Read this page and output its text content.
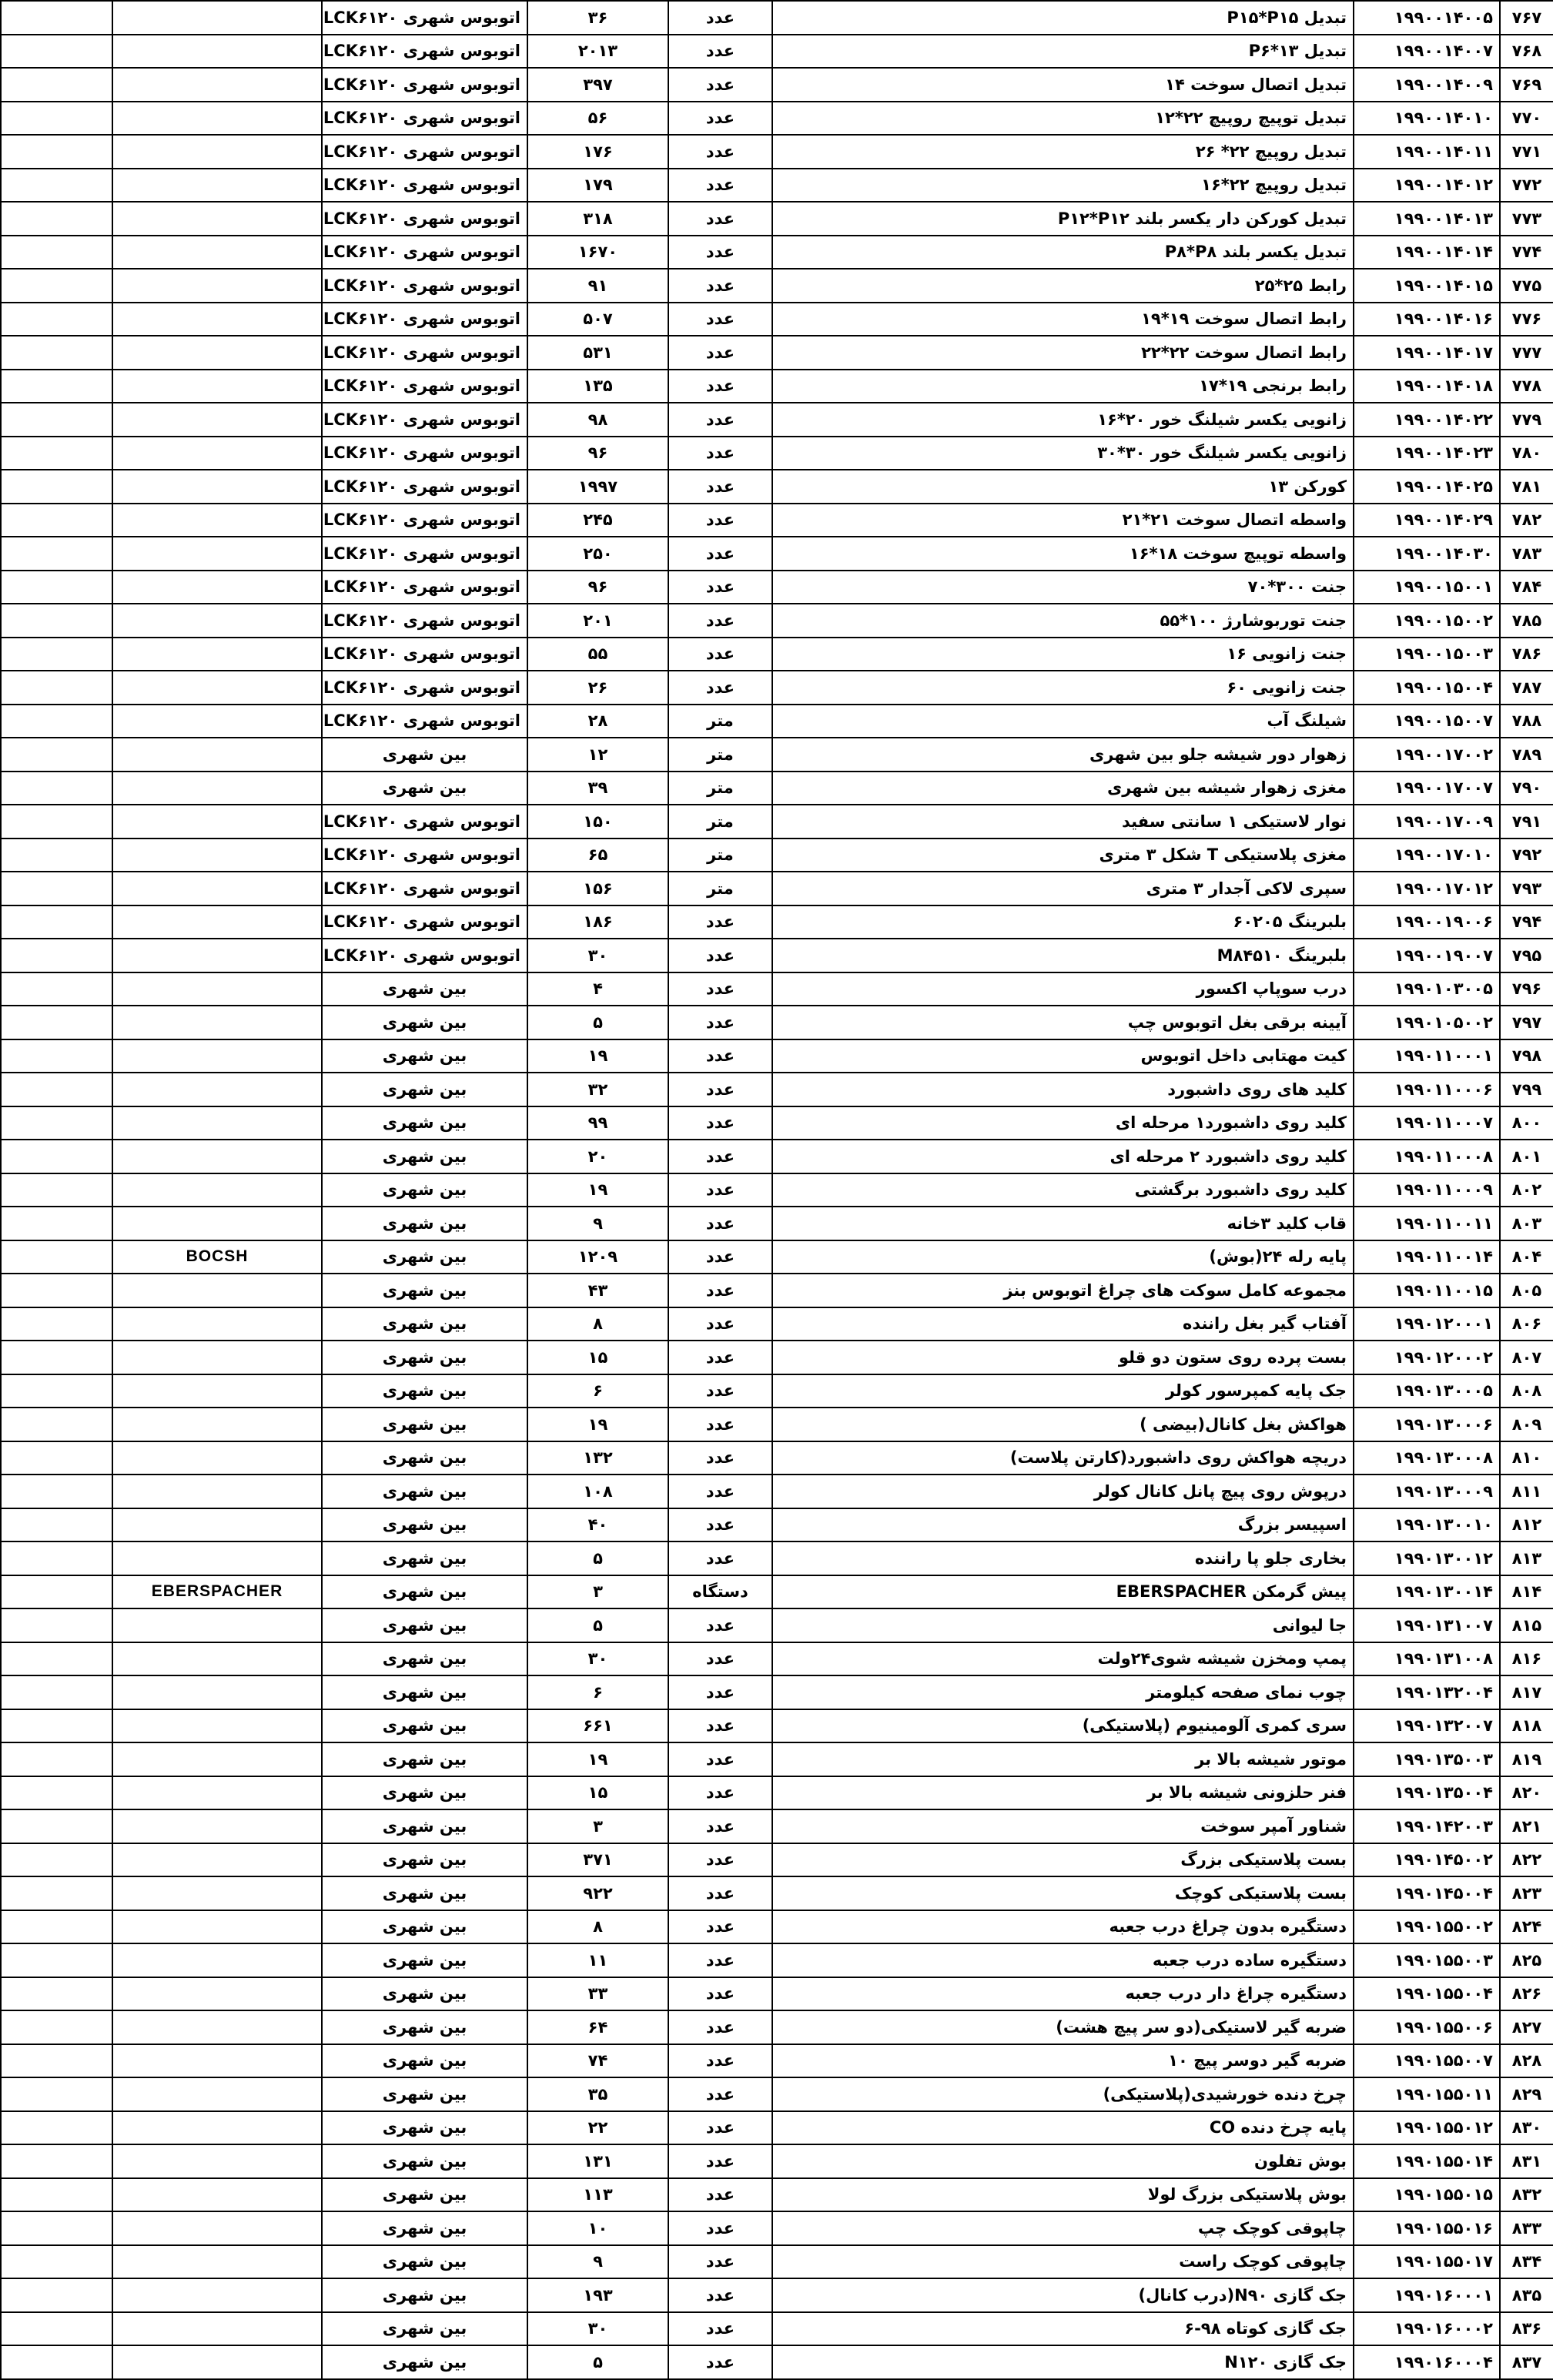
۷۶۷	۱۹۹۰۰۱۴۰۰۵	تبدیل P۱۵*P۱۵	عدد	۳۶	اتوبوس شهری LCK۶۱۲۰		
۷۶۸	۱۹۹۰۰۱۴۰۰۷	تبدیل ۱۳*P۶	عدد	۲۰۱۳	اتوبوس شهری LCK۶۱۲۰		
۷۶۹	۱۹۹۰۰۱۴۰۰۹	تبدیل اتصال سوخت ۱۴	عدد	۳۹۷	اتوبوس شهری LCK۶۱۲۰		
۷۷۰	۱۹۹۰۰۱۴۰۱۰	تبدیل توپیچ روپیچ ۲۲*۱۲	عدد	۵۶	اتوبوس شهری LCK۶۱۲۰		
۷۷۱	۱۹۹۰۰۱۴۰۱۱	تبدیل روپیچ ۲۲* ۲۶	عدد	۱۷۶	اتوبوس شهری LCK۶۱۲۰		
۷۷۲	۱۹۹۰۰۱۴۰۱۲	تبدیل روپیچ ۲۲*۱۶	عدد	۱۷۹	اتوبوس شهری LCK۶۱۲۰		
۷۷۳	۱۹۹۰۰۱۴۰۱۳	تبدیل کورکن دار یکسر بلند P۱۲*P۱۲	عدد	۳۱۸	اتوبوس شهری LCK۶۱۲۰		
۷۷۴	۱۹۹۰۰۱۴۰۱۴	تبدیل یکسر بلند P۸*P۸	عدد	۱۶۷۰	اتوبوس شهری LCK۶۱۲۰		
۷۷۵	۱۹۹۰۰۱۴۰۱۵	رابط ۲۵*۲۵	عدد	۹۱	اتوبوس شهری LCK۶۱۲۰		
۷۷۶	۱۹۹۰۰۱۴۰۱۶	رابط اتصال سوخت ۱۹*۱۹	عدد	۵۰۷	اتوبوس شهری LCK۶۱۲۰		
۷۷۷	۱۹۹۰۰۱۴۰۱۷	رابط اتصال سوخت ۲۲*۲۲	عدد	۵۳۱	اتوبوس شهری LCK۶۱۲۰		
۷۷۸	۱۹۹۰۰۱۴۰۱۸	رابط برنجی ۱۹*۱۷	عدد	۱۳۵	اتوبوس شهری LCK۶۱۲۰		
۷۷۹	۱۹۹۰۰۱۴۰۲۲	زانویی یکسر شیلنگ خور ۲۰*۱۶	عدد	۹۸	اتوبوس شهری LCK۶۱۲۰		
۷۸۰	۱۹۹۰۰۱۴۰۲۳	زانویی یکسر شیلنگ خور ۳۰*۳۰	عدد	۹۶	اتوبوس شهری LCK۶۱۲۰		
۷۸۱	۱۹۹۰۰۱۴۰۲۵	کورکن ۱۳	عدد	۱۹۹۷	اتوبوس شهری LCK۶۱۲۰		
۷۸۲	۱۹۹۰۰۱۴۰۲۹	واسطه اتصال سوخت ۲۱*۲۱	عدد	۲۴۵	اتوبوس شهری LCK۶۱۲۰		
۷۸۳	۱۹۹۰۰۱۴۰۳۰	واسطه توپیچ سوخت ۱۸*۱۶	عدد	۲۵۰	اتوبوس شهری LCK۶۱۲۰		
۷۸۴	۱۹۹۰۰۱۵۰۰۱	جنت ۳۰۰*۷۰	عدد	۹۶	اتوبوس شهری LCK۶۱۲۰		
۷۸۵	۱۹۹۰۰۱۵۰۰۲	جنت توربوشارژ ۱۰۰*۵۵	عدد	۲۰۱	اتوبوس شهری LCK۶۱۲۰		
۷۸۶	۱۹۹۰۰۱۵۰۰۳	جنت زانویی ۱۶	عدد	۵۵	اتوبوس شهری LCK۶۱۲۰		
۷۸۷	۱۹۹۰۰۱۵۰۰۴	جنت زانویی ۶۰	عدد	۲۶	اتوبوس شهری LCK۶۱۲۰		
۷۸۸	۱۹۹۰۰۱۵۰۰۷	شیلنگ آب	متر	۲۸	اتوبوس شهری LCK۶۱۲۰		
۷۸۹	۱۹۹۰۰۱۷۰۰۲	زهوار دور شیشه جلو بین شهری	متر	۱۲	بین شهری		
۷۹۰	۱۹۹۰۰۱۷۰۰۷	مغزی زهوار شیشه بین شهری	متر	۳۹	بین شهری		
۷۹۱	۱۹۹۰۰۱۷۰۰۹	نوار لاستیکی ۱ سانتی سفید	متر	۱۵۰	اتوبوس شهری LCK۶۱۲۰		
۷۹۲	۱۹۹۰۰۱۷۰۱۰	مغزی پلاستیکی T شکل ۳ متری	متر	۶۵	اتوبوس شهری LCK۶۱۲۰		
۷۹۳	۱۹۹۰۰۱۷۰۱۲	سپری لاکی آجدار ۳ متری	متر	۱۵۶	اتوبوس شهری LCK۶۱۲۰		
۷۹۴	۱۹۹۰۰۱۹۰۰۶	بلبرینگ ۶۰۲۰۵	عدد	۱۸۶	اتوبوس شهری LCK۶۱۲۰		
۷۹۵	۱۹۹۰۰۱۹۰۰۷	بلبرینگ M۸۴۵۱۰	عدد	۳۰	اتوبوس شهری LCK۶۱۲۰		
۷۹۶	۱۹۹۰۱۰۳۰۰۵	درب سوپاپ اکسور	عدد	۴	بین شهری		
۷۹۷	۱۹۹۰۱۰۵۰۰۲	آیینه برقی بغل اتوبوس چپ	عدد	۵	بین شهری		
۷۹۸	۱۹۹۰۱۱۰۰۰۱	کیت مهتابی داخل اتوبوس	عدد	۱۹	بین شهری		
۷۹۹	۱۹۹۰۱۱۰۰۰۶	کلید های روی داشبورد	عدد	۳۲	بین شهری		
۸۰۰	۱۹۹۰۱۱۰۰۰۷	کلید روی داشبورد۱ مرحله ای	عدد	۹۹	بین شهری		
۸۰۱	۱۹۹۰۱۱۰۰۰۸	کلید روی داشبورد ۲ مرحله ای	عدد	۲۰	بین شهری		
۸۰۲	۱۹۹۰۱۱۰۰۰۹	کلید روی داشبورد برگشتی	عدد	۱۹	بین شهری		
۸۰۳	۱۹۹۰۱۱۰۰۱۱	قاب کلید ۳خانه	عدد	۹	بین شهری		
۸۰۴	۱۹۹۰۱۱۰۰۱۴	پایه رله ۲۴(بوش)	عدد	۱۲۰۹	بین شهری	BOCSH	
۸۰۵	۱۹۹۰۱۱۰۰۱۵	مجموعه کامل سوکت های چراغ اتوبوس بنز	عدد	۴۳	بین شهری		
۸۰۶	۱۹۹۰۱۲۰۰۰۱	آفتاب گیر بغل راننده	عدد	۸	بین شهری		
۸۰۷	۱۹۹۰۱۲۰۰۰۲	بست پرده روی ستون دو قلو	عدد	۱۵	بین شهری		
۸۰۸	۱۹۹۰۱۳۰۰۰۵	جک پایه کمپرسور کولر	عدد	۶	بین شهری		
۸۰۹	۱۹۹۰۱۳۰۰۰۶	هواکش بغل کانال(بیضی )	عدد	۱۹	بین شهری		
۸۱۰	۱۹۹۰۱۳۰۰۰۸	دریچه هواکش روی داشبورد(کارتن پلاست)	عدد	۱۳۲	بین شهری		
۸۱۱	۱۹۹۰۱۳۰۰۰۹	درپوش روی پیچ پانل کانال کولر	عدد	۱۰۸	بین شهری		
۸۱۲	۱۹۹۰۱۳۰۰۱۰	اسپیسر بزرگ	عدد	۴۰	بین شهری		
۸۱۳	۱۹۹۰۱۳۰۰۱۲	بخاری جلو پا راننده	عدد	۵	بین شهری		
۸۱۴	۱۹۹۰۱۳۰۰۱۴	پیش گرمکن EBERSPACHER	دستگاه	۳	بین شهری	EBERSPACHER	
۸۱۵	۱۹۹۰۱۳۱۰۰۷	جا لیوانی	عدد	۵	بین شهری		
۸۱۶	۱۹۹۰۱۳۱۰۰۸	پمپ ومخزن شیشه شوی۲۴ولت	عدد	۳۰	بین شهری		
۸۱۷	۱۹۹۰۱۳۲۰۰۴	چوب نمای صفحه کیلومتر	عدد	۶	بین شهری		
۸۱۸	۱۹۹۰۱۳۲۰۰۷	سری کمری آلومینیوم (پلاستیکی)	عدد	۶۶۱	بین شهری		
۸۱۹	۱۹۹۰۱۳۵۰۰۳	موتور شیشه بالا بر	عدد	۱۹	بین شهری		
۸۲۰	۱۹۹۰۱۳۵۰۰۴	فنر حلزونی شیشه بالا بر	عدد	۱۵	بین شهری		
۸۲۱	۱۹۹۰۱۴۲۰۰۳	شناور آمپر سوخت	عدد	۳	بین شهری		
۸۲۲	۱۹۹۰۱۴۵۰۰۲	بست پلاستیکی بزرگ	عدد	۳۷۱	بین شهری		
۸۲۳	۱۹۹۰۱۴۵۰۰۴	بست پلاستیکی کوچک	عدد	۹۲۲	بین شهری		
۸۲۴	۱۹۹۰۱۵۵۰۰۲	دستگیره بدون چراغ درب جعبه	عدد	۸	بین شهری		
۸۲۵	۱۹۹۰۱۵۵۰۰۳	دستگیره ساده درب جعبه	عدد	۱۱	بین شهری		
۸۲۶	۱۹۹۰۱۵۵۰۰۴	دستگیره چراغ دار درب جعبه	عدد	۳۳	بین شهری		
۸۲۷	۱۹۹۰۱۵۵۰۰۶	ضربه گیر لاستیکی(دو سر پیچ هشت)	عدد	۶۴	بین شهری		
۸۲۸	۱۹۹۰۱۵۵۰۰۷	ضربه گیر دوسر پیچ ۱۰	عدد	۷۴	بین شهری		
۸۲۹	۱۹۹۰۱۵۵۰۱۱	چرخ دنده خورشیدی(پلاستیکی)	عدد	۳۵	بین شهری		
۸۳۰	۱۹۹۰۱۵۵۰۱۲	پایه چرخ دنده CO	عدد	۲۲	بین شهری		
۸۳۱	۱۹۹۰۱۵۵۰۱۴	بوش تفلون	عدد	۱۳۱	بین شهری		
۸۳۲	۱۹۹۰۱۵۵۰۱۵	بوش پلاستیکی بزرگ لولا	عدد	۱۱۳	بین شهری		
۸۳۳	۱۹۹۰۱۵۵۰۱۶	چاپوقی کوچک چپ	عدد	۱۰	بین شهری		
۸۳۴	۱۹۹۰۱۵۵۰۱۷	چاپوقی کوچک راست	عدد	۹	بین شهری		
۸۳۵	۱۹۹۰۱۶۰۰۰۱	جک گازی N۹۰(درب کانال)	عدد	۱۹۳	بین شهری		
۸۳۶	۱۹۹۰۱۶۰۰۰۲	جک گازی کوتاه ۹۸-۶	عدد	۳۰	بین شهری		
۸۳۷	۱۹۹۰۱۶۰۰۰۴	جک گازی N۱۲۰	عدد	۵	بین شهری		
